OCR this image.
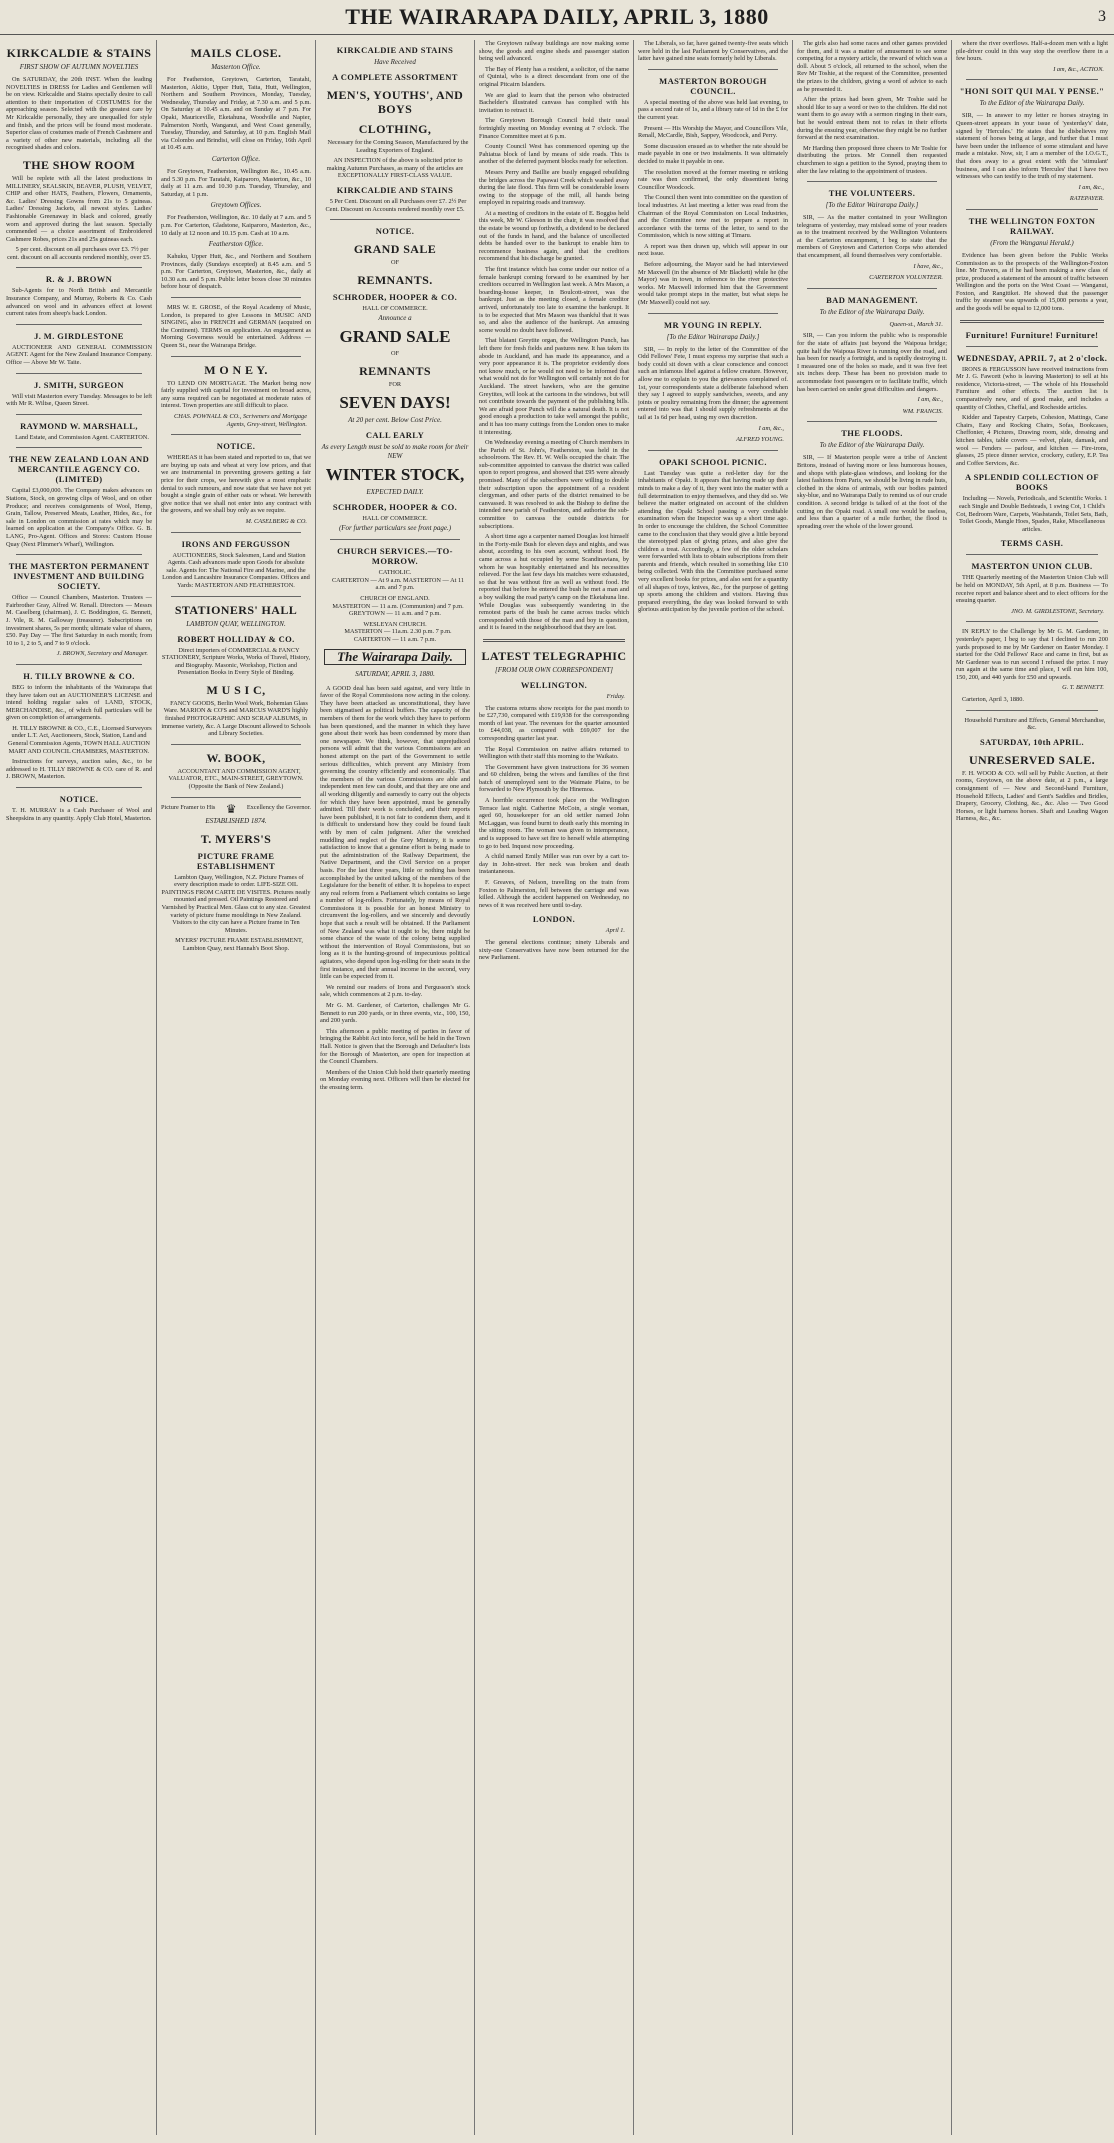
THE WAIRARAPA DAILY, APRIL 3, 1880	3
KIRKCALDIE & STAINS
FIRST SHOW OF AUTUMN NOVELTIES
On SATURDAY, the 20th INST. When the leading NOVELTIES in DRESS for Ladies and Gentlemen will be on view. Kirkcaldie and Stains specially desire to call attention to their importation of COSTUMES for the approaching season. Selected with the greatest care by Mr Kirkcaldie personally, they are unequalled for style and finish, and the prices will be found most moderate. Superior class of costumes made of French Cashmere and a variety of other new materials, including all the recognised shades and colors.
THE SHOW ROOM
Will be replete with all the latest productions in MILLINERY, SEALSKIN, BEAVER, PLUSH, VELVET, CHIP and other HATS, Feathers, Flowers, Ornaments, &c. Ladies' Dressing Gowns from 21s to 5 guineas. Ladies' Dressing Jackets, all newest styles. Ladies' Fashionable Greenaway in black and colored, greatly worn and approved during the last season. Specially commended — a choice assortment of Embroidered Cashmere Robes, prices 21s and 25s guineas each.
5 per cent. discount on all purchases over £3. 7½ per cent. discount on all accounts rendered monthly, over £5.
R. & J. BROWN
Sub-Agents for to North British and Mercantile Insurance Company, and Murray, Roberts & Co. Cash advanced on wool and in advances effect at lowest current rates from sheep's back London.
J. M. GIRDLESTONE
AUCTIONEER AND GENERAL COMMISSION AGENT. Agent for the New Zealand Insurance Company. Office — Above Mr W. Taite.
J. SMITH, SURGEON
Will visit Masterton every Tuesday. Messages to be left with Mr R. Wiltse, Queen Street.
RAYMOND W. MARSHALL,
Land Estate, and Commission Agent. CARTERTON.
THE NEW ZEALAND LOAN AND MERCANTILE AGENCY CO. (LIMITED)
Capital £3,000,000. The Company makes advances on Stations, Stock, on growing clips of Wool, and on other Produce; and receives consignments of Wool, Hemp, Grain, Tallow, Preserved Meats, Leather, Hides, &c., for sale in London on commission at rates which may be learned on application at the Company's Office. G. B. LANG, Pro-Agent. Offices and Stores: Custom House Quay (Next Plimmer's Wharf), Wellington.
THE MASTERTON PERMANENT INVESTMENT AND BUILDING SOCIETY.
Office — Council Chambers, Masterton. Trustees — Fairbrother Gray, Alfred W. Renall. Directors — Messrs M. Caselberg (chairman), J. C. Boddington, G. Bennett, J. Vile, R. M. Galloway (treasurer). Subscriptions on investment shares, 5s per month; ultimate value of shares, £50. Pay Day — The first Saturday in each month; from 10 to 1, 2 to 5, and 7 to 9 o'clock.
J. BROWN, Secretary and Manager.
H. TILLY BROWNE & CO.
BEG to inform the inhabitants of the Wairarapa that they have taken out an AUCTIONEER'S LICENSE and intend holding regular sales of LAND, STOCK, MERCHANDISE, &c., of which full particulars will be given on completion of arrangements.
H. TILLY BROWNE & CO., C.E., Licensed Surveyors under L.T. Act, Auctioneers, Stock, Station, Land and General Commission Agents, TOWN HALL AUCTION MART AND COUNCIL CHAMBERS, MASTERTON.
Instructions for surveys, auction sales, &c., to be addressed to H. TILLY BROWNE & CO. care of R. and J. BROWN, Masterton.
NOTICE.
T. H. MURRAY is a Cash Purchaser of Wool and Sheepskins in any quantity. Apply Club Hotel, Masterton.
MAILS CLOSE.
Masterton Office.
For Featherston, Greytown, Carterton, Taratahi, Masterton, Akitio, Upper Hutt, Taita, Hutt, Wellington, Northern and Southern Provinces, Monday, Tuesday, Wednesday, Thursday and Friday, at 7.30 a.m. and 5 p.m. On Saturday at 10.45 a.m. and on Sunday at 7 p.m. For Opaki, Mauriceville, Eketahuna, Woodville and Napier, Palmerston North, Wanganui, and West Coast generally, Tuesday, Thursday, and Saturday, at 10 p.m. English Mail via Colombo and Brindisi, will close on Friday, 16th April at 10.45 a.m.
Carterton Office.
For Greytown, Featherston, Wellington &c., 10.45 a.m. and 5.30 p.m. For Taratahi, Kaiparoro, Masterton, &c., 10 daily at 11 a.m. and 10.30 p.m. Tuesday, Thursday, and Saturday, at 1 p.m.
Greytown Offices.
For Featherston, Wellington, &c. 10 daily at 7 a.m. and 5 p.m. For Carterton, Gladstone, Kaiparoro, Masterton, &c., 10 daily at 12 noon and 10.15 p.m. Cash at 10 a.m.
Featherston Office.
Kahuku, Upper Hutt, &c., and Northern and Southern Provinces, daily (Sundays excepted) at 8.45 a.m. and 5 p.m. For Carterton, Greytown, Masterton, &c., daily at 10.30 a.m. and 5 p.m. Public letter boxes close 30 minutes before hour of despatch.
MRS W. E. GROSE, of the Royal Academy of Music, London, is prepared to give Lessons in MUSIC AND SINGING, also in FRENCH and GERMAN (acquired on the Continent). TERMS on application. An engagement as Morning Governess would be entertained. Address — Queen St., near the Wairarapa Bridge.
M O N E Y.
TO LEND ON MORTGAGE. The Market being now fairly supplied with capital for investment on broad acres, any sums required can be negotiated at moderate rates of interest. Town properties are still difficult to place.
CHAS. POWNALL & CO., Scriveners and Mortgage Agents, Grey-street, Wellington.
NOTICE.
WHEREAS it has been stated and reported to us, that we are buying up oats and wheat at very low prices, and that we are instrumental in preventing growers getting a fair price for their crops, we herewith give a most emphatic denial to such rumours, and now state that we have not yet bought a single grain of either oats or wheat. We herewith give notice that we shall not enter into any contract with the growers, and we shall buy only as we require.
M. CASELBERG & CO.
IRONS AND FERGUSSON
AUCTIONEERS, Stock Salesmen, Land and Station Agents. Cash advances made upon Goods for absolute sale. Agents for: The National Fire and Marine, and the London and Lancashire Insurance Companies. Offices and Yards: MASTERTON AND FEATHERSTON.
STATIONERS' HALL
LAMBTON QUAY, WELLINGTON.
ROBERT HOLLIDAY & CO.
Direct importers of COMMERCIAL & FANCY STATIONERY, Scripture Works, Works of Travel, History, and Biography. Masonic, Workshop, Fiction and Presentation Books in Every Style of Binding.
M U S I C,
FANCY GOODS, Berlin Wool Work, Bohemian Glass Ware. MARION & CO'S and MARCUS WARD'S highly finished PHOTOGRAPHIC AND SCRAP ALBUMS, in immense variety, &c. A Large Discount allowed to Schools and Library Societies.
W. BOOK,
ACCOUNTANT AND COMMISSION AGENT, VALUATOR, ETC., MAIN-STREET, GREYTOWN. (Opposite the Bank of New Zealand.)
Picture Framer to His ♛ Excellency the Governor.
ESTABLISHED 1874.
T. MYERS'S
PICTURE FRAME ESTABLISHMENT
Lambton Quay, Wellington, N.Z. Picture Frames of every description made to order. LIFE-SIZE OIL PAINTINGS FROM CARTE DE VISITES. Pictures neatly mounted and pressed. Oil Paintings Restored and Varnished by Practical Men. Glass cut to any size. Greatest variety of picture frame mouldings in New Zealand. Visitors to the city can have a Picture frame in Ten Minutes.
MYERS' PICTURE FRAME ESTABLISHMENT, Lambton Quay, next Hannah's Boot Shop.
KIRKCALDIE AND STAINS
Have Received
A COMPLETE ASSORTMENT
MEN'S, YOUTHS', AND BOYS
CLOTHING,
Necessary for the Coming Season, Manufactured by the Leading Exporters of England.
AN INSPECTION of the above is solicited prior to making Autumn Purchases, as many of the articles are EXCEPTIONALLY FIRST-CLASS VALUE.
KIRKCALDIE AND STAINS
5 Per Cent. Discount on all Purchases over £7. 2½ Per Cent. Discount on Accounts rendered monthly over £5.
NOTICE.
GRAND SALE
OF
REMNANTS.
SCHRODER, HOOPER & CO.
HALL OF COMMERCE.
Announce a
GRAND SALE
OF
REMNANTS
FOR
SEVEN DAYS!
At 20 per cent. Below Cost Price.
CALL EARLY
As every Length must be sold to make room for their NEW
WINTER STOCK,
EXPECTED DAILY.
SCHRODER, HOOPER & CO.
HALL OF COMMERCE.
(For further particulars see front page.)
CHURCH SERVICES.—TO-MORROW.
CATHOLIC.
CARTERTON — At 9 a.m. MASTERTON — At 11 a.m. and 7 p.m.
CHURCH OF ENGLAND.
MASTERTON — 11 a.m. (Communion) and 7 p.m. GREYTOWN — 11 a.m. and 7 p.m.
WESLEYAN CHURCH.
MASTERTON — 11a.m. 2.30 p.m. 7 p.m. CARTERTON — 11 a.m. 7 p.m.
The Wairarapa Daily.
SATURDAY, APRIL 3, 1880.
A GOOD deal has been said against, and very little in favor of the Royal Commissions now acting in the colony. They have been attacked as unconstitutional, they have been stigmatised as political buffers. The capacity of the members of them for the work which they have to perform has been questioned, and the manner in which they have gone about their work has been condemned by more than one newspaper. We think, however, that unprejudiced persons will admit that the various Commissions are an honest attempt on the part of the Government to settle serious difficulties, which prevent any Ministry from governing the country efficiently and economically. That the members of the various Commissions are able and independent men few can doubt, and that they are one and all working diligently and earnestly to carry out the objects for which they have been appointed, must be generally admitted. Till their work is concluded, and their reports have been published, it is not fair to condemn them, and it is difficult to understand how they could be found fault with by men of calm judgment. After the wretched muddling and neglect of the Grey Ministry, it is some satisfaction to know that a genuine effort is being made to put the administration of the Railway Department, the Native Department, and the Civil Service on a proper basis. For the last three years, little or nothing has been accomplished by the united talking of the members of the Legislature for the benefit of either. It is hopeless to expect any real reform from a Parliament which contains so large a number of log-rollers. Fortunately, by means of Royal Commissions it is possible for an honest Ministry to circumvent the log-rollers, and we sincerely and devoutly hope that such a result will be obtained. If the Parliament of New Zealand was what it ought to be, there might be some chance of the waste of the colony being supplied without the intervention of Royal Commissions, but so long as it is the hunting-ground of impecunious political agitators, who depend upon log-rolling for their seats in the first instance, and their annual income in the second, very little can be expected from it.
We remind our readers of Irons and Fergusson's stock sale, which commences at 2 p.m. to-day.
Mr G. M. Gardener, of Carterton, challenges Mr G. Bennett to run 200 yards, or in three events, viz., 100, 150, and 200 yards.
This afternoon a public meeting of parties in favor of bringing the Rabbit Act into force, will be held in the Town Hall. Notice is given that the Borough and Defaulter's lists for the Borough of Masterton, are open for inspection at the Council Chambers.
Members of the Union Club hold their quarterly meeting on Monday evening next. Officers will then be elected for the ensuing term.
The Greytown railway buildings are now making some show, the goods and engine sheds and passenger station being well advanced.
The Bay of Plenty has a resident, a solicitor, of the name of Quintal, who is a direct descendant from one of the original Pitcairn Islanders.
We are glad to learn that the person who obstructed Bachelder's illustrated canvass has complied with his invitation to retract it.
The Greytown Borough Council hold their usual fortnightly meeting on Monday evening at 7 o'clock. The Finance Committee meet at 6 p.m.
County Council West has commenced opening up the Pahiatua block of land by means of side roads. This is another of the deferred payment blocks ready for selection.
Messrs Perry and Baillie are busily engaged rebuilding the bridges across the Papawai Creek which washed away during the late flood. This firm will be considerable losers owing to the stoppage of the mill, all hands being employed in repairing roads and tramway.
At a meeting of creditors in the estate of E. Boggiss held this week, Mr W. Gleeson in the chair, it was resolved that the estate be wound up forthwith, a dividend to be declared out of the funds in hand, and the balance of uncollected debts be handed over to the bankrupt to enable him to recommence business again, and that the creditors recommend that his discharge be granted.
The first instance which has come under our notice of a female bankrupt coming forward to be examined by her creditors occurred in Wellington last week. A Mrs Mason, a boarding-house keeper, in Boulcott-street, was the bankrupt. Just as the meeting closed, a female creditor arrived, unfortunately too late to examine the bankrupt. It is to be expected that Mrs Mason was thankful that it was so, and also the audience of the bankrupt. An amusing scene would no doubt have followed.
That blatant Greytite organ, the Wellington Punch, has left there for fresh fields and pastures new. It has taken its abode in Auckland, and has made its appearance, and a very poor appearance it is. The proprietor evidently does not know much, or he would not need to be informed that what would not do for Wellington will certainly not do for Auckland. The street hawkers, who are the genuine Greytites, will look at the cartoons in the windows, but will not contribute towards the payment of the publishing bills. We are afraid poor Punch will die a natural death. It is not good enough a production to take well amongst the public, and it has too many cuttings from the London ones to make it interesting.
On Wednesday evening a meeting of Church members in the Parish of St. John's, Featherston, was held in the schoolroom. The Rev. H. W. Wells occupied the chair. The sub-committee appointed to canvass the district was called upon to report progress, and showed that £95 were already promised. Many of the subscribers were willing to double their subscription upon the appointment of a resident clergyman, and other parts of the district remained to be canvassed. It was resolved to ask the Bishop to define the intended new parish of Featherston, and authorise the sub-committee to canvass the outside districts for subscriptions.
A short time ago a carpenter named Douglas lost himself in the Forty-mile Bush for eleven days and nights, and was about, according to his own account, without food. He came across a hut occupied by some Scandinavians, by whom he was hospitably entertained and his necessities relieved. For the last few days his matches were exhausted, so that he was without fire as well as without food. He reported that before he entered the bush he met a man and a boy walking the road party's camp on the Eketahuna line. While Douglas was subsequently wandering in the remotest parts of the bush he came across tracks which corresponded with those of the man and boy in question, and it is feared in the neighbourhood that they are lost.
LATEST TELEGRAPHIC
[FROM OUR OWN CORRESPONDENT]
WELLINGTON.
Friday.
The customs returns show receipts for the past month to be £27,730, compared with £19,938 for the corresponding month of last year. The revenues for the quarter amounted to £44,038, as compared with £69,007 for the corresponding quarter last year.
The Royal Commission on native affairs returned to Wellington with their staff this morning to the Waikato.
The Government have given instructions for 36 women and 60 children, being the wives and families of the first batch of unemployed sent to the Waimate Plains, to be forwarded to New Plymouth by the Hinemoa.
A horrible occurrence took place on the Wellington Terrace last night. Catherine McCoin, a single woman, aged 60, housekeeper for an old settler named John McLaggan, was found burnt to death early this morning in the sitting room. The woman was given to intemperance, and is supposed to have set fire to herself while attempting to go to bed. Inquest now proceeding.
A child named Emily Miller was run over by a cart to-day in John-street. Her neck was broken and death instantaneous.
F. Greaves, of Nelson, travelling on the train from Foxton to Palmerston, fell between the carriage and was killed. Although the accident happened on Wednesday, no news of it was received here until to-day.
LONDON.
April 1.
The general elections continue; ninety Liberals and sixty-one Conservatives have now been returned for the new Parliament.
The Liberals, so far, have gained twenty-five seats which were held in the last Parliament by Conservatives, and the latter have gained nine seats formerly held by Liberals.
MASTERTON BOROUGH COUNCIL.
A special meeting of the above was held last evening, to pass a second rate of 1s, and a library rate of 1d in the £ for the current year.
Present — His Worship the Mayor, and Councillors Vile, Renall, McCardle, Bish, Sappey, Woodcock, and Perry.
Some discussion ensued as to whether the rate should be made payable in one or two instalments. It was ultimately decided to make it payable in one.
The resolution moved at the former meeting re striking rate was then confirmed, the only dissentient being Councillor Woodcock.
The Council then went into committee on the question of local industries. At last meeting a letter was read from the Chairman of the Royal Commission on Local Industries, and the Committee now met to prepare a report in accordance with the terms of the letter, to send to the Commission, which is now sitting at Timaru.
A report was then drawn up, which will appear in our next issue.
Before adjourning, the Mayor said he had interviewed Mr Maxwell (in the absence of Mr Blackett) while he (the Mayor) was in town, in reference to the river protective works. Mr Maxwell informed him that the Government would take prompt steps in the matter, but what steps he (Mr Maxwell) could not say.
MR YOUNG IN REPLY.
[To the Editor Wairarapa Daily.]
SIR, — In reply to the letter of the Committee of the Odd Fellows' Fete, I must express my surprise that such a body could sit down with a clear conscience and concoct such an infamous libel against a fellow creature. However, allow me to explain to you the grievances complained of. 1st, your correspondents state a deliberate falsehood when they say I agreed to supply sandwiches, sweets, and any joints or poultry remaining from the dinner; the agreement entered into was that I should supply refreshments at the tail at 1s 6d per head, using my own discretion.
I am, &c.,
ALFRED YOUNG.
OPAKI SCHOOL PICNIC.
Last Tuesday was quite a red-letter day for the inhabitants of Opaki. It appears that having made up their minds to make a day of it, they went into the matter with a full determination to enjoy themselves, and they did so. We believe the matter originated on account of the children attending the Opaki School passing a very creditable examination when the Inspector was up a short time ago. In order to encourage the children, the School Committee came to the conclusion that they would give a little beyond the stereotyped plan of giving prizes, and also give the children a treat. Accordingly, a few of the older scholars were forwarded with lists to obtain subscriptions from their parents and friends, which resulted in something like £10 being collected. With this the Committee purchased some very excellent books for prizes, and also sent for a quantity of all shapes of toys, knives, &c., for the purpose of getting up sports among the children and visitors. Having thus prepared everything, the day was looked forward to with glorious anticipation by the juvenile portion of the school.
The girls also had some races and other games provided for them, and it was a matter of amusement to see some competing for a mystery article, the reward of which was a doll. About 5 o'clock, all returned to the school, when the Rev Mr Toshie, at the request of the Committee, presented the prizes to the children, giving a word of advice to each as he presented it.
After the prizes had been given, Mr Toshie said he should like to say a word or two to the children. He did not want them to go away with a sermon ringing in their ears, but he would entreat them not to relax in their efforts during the ensuing year, otherwise they might be no further forward at the next examination.
Mr Harding then proposed three cheers to Mr Toshie for distributing the prizes. Mr Connell then requested churchmen to sign a petition to the Synod, praying them to alter the law relating to the appointment of trustees.
THE VOLUNTEERS.
[To the Editor Wairarapa Daily.]
SIR, — As the matter contained in your Wellington telegrams of yesterday, may mislead some of your readers as to the treatment received by the Wellington Volunteers at the Carterton encampment, I beg to state that the members of Greytown and Carterton Corps who attended that encampment, all found themselves very comfortable.
I have, &c.,
CARTERTON VOLUNTEER.
BAD MANAGEMENT.
To the Editor of the Wairarapa Daily.
Queen-st., March 31.
SIR, — Can you inform the public who is responsible for the state of affairs just beyond the Waipoua bridge; quite half the Waipoua River is running over the road, and has been for nearly a fortnight, and is rapidly destroying it. I measured one of the holes so made, and it was five feet six inches deep. These has been no provision made to accommodate foot passengers or to facilitate traffic, which has been carried on under great difficulties and dangers.
I am, &c.,
WM. FRANCIS.
THE FLOODS.
To the Editor of the Wairarapa Daily.
SIR, — If Masterton people were a tribe of Ancient Britons, instead of having more or less humorous houses, and shops with plate-glass windows, and looking for the latest fashions from Paris, we should be living in rude huts, clothed in the skins of animals, with our bodies painted sky-blue, and no Wairarapa Daily to remind us of our crude condition. A second bridge is talked of at the foot of the cutting on the Opaki road. A small one would be useless, and less than a quarter of a mile further, the flood is spreading over the whole of the lower ground.
where the river overflows. Half-a-dozen men with a light pile-driver could in this way stop the overflow there in a few hours.
I am, &c., ACTION.
"HONI SOIT QUI MAL Y PENSE."
To the Editor of the Wairarapa Daily.
SIR, — In answer to my letter re horses straying in Queen-street appears in your issue of 'yesterday's' date, signed by 'Hercules.' He states that he disbelieves my statement of horses being at large, and further that I must have been under the influence of some stimulant and have made a mistake. Now, sir, I am a member of the I.O.G.T., that does away to a great extent with the 'stimulant' business, and I can also inform 'Hercules' that I have two witnesses who can testify to the truth of my statement.
I am, &c.,
RATEPAYER.
THE WELLINGTON FOXTON RAILWAY.
(From the Wanganui Herald.)
Evidence has been given before the Public Works Commission as to the prospects of the Wellington-Foxton line. Mr Travers, as if he had been making a new class of prize, produced a statement of the amount of traffic between Wellington and the ports on the West Coast — Wanganui, Foxton, and Rangitikei. He showed that the passenger traffic by steamer was upwards of 15,000 persons a year, and the goods will be equal to 12,000 tons.
Furniture! Furniture! Furniture!
WEDNESDAY, APRIL 7, at 2 o'clock.
IRONS & FERGUSSON have received instructions from Mr J. G. Fawcett (who is leaving Masterton) to sell at his residence, Victoria-street, — The whole of his Household Furniture and other effects. The auction list is comparatively new, and of good make, and includes a quantity of Clothes, Cheffal, and Rocheside articles.
Kidder and Tapestry Carpets, Cohesion, Mattings, Cane Chairs, Easy and Rocking Chairs, Sofas, Bookcases, Cheffonier, 4 Pictures, Drawing room, side, dressing and kitchen tables, table covers — velvet, plate, damask, and wool — Fenders — parlour, and kitchen — Fire-irons, glasses, 25 piece dinner service, crockery, cutlery, E.P. Tea and Coffee Services, &c.
A SPLENDID COLLECTION OF BOOKS
Including — Novels, Periodicals, and Scientific Works. 1 each Single and Double Bedsteads, 1 swing Cot, 1 Child's Cot, Bedroom Ware, Carpets, Washstands, Toilet Sets, Bath, Toilet Goods, Mangle Hoes, Spades, Rake, Miscellaneous articles.
TERMS CASH.
MASTERTON UNION CLUB.
THE Quarterly meeting of the Masterton Union Club will be held on MONDAY, 5th April, at 8 p.m. Business — To receive report and balance sheet and to elect officers for the ensuing quarter.
JNO. M. GIRDLESTONE, Secretary.
IN REPLY to the Challenge by Mr G. M. Gardener, in yesterday's paper, I beg to say that I declined to run 200 yards proposed to me by Mr Gardener on Easter Monday. I started for the Odd Fellows' Race and came in first, but as Mr Gardener was to run second I refused the prize. I may run again at the same time and place, I will run him 100, 150, 200, and 440 yards for £50 and upwards.
G. T. BENNETT.
Carterton, April 3, 1880.
Household Furniture and Effects, General Merchandise, &c.
SATURDAY, 10th APRIL.
UNRESERVED SALE.
F. H. WOOD & CO. will sell by Public Auction, at their rooms, Greytown, on the above date, at 2 p.m., a large consignment of — New and Second-hand Furniture, Household Effects, Ladies' and Gent's Saddles and Bridles, Drapery, Grocery, Clothing, &c., &c. Also — Two Good Horses, or light harness horses. Shaft and Leading Wagon Harness, &c., &c.
